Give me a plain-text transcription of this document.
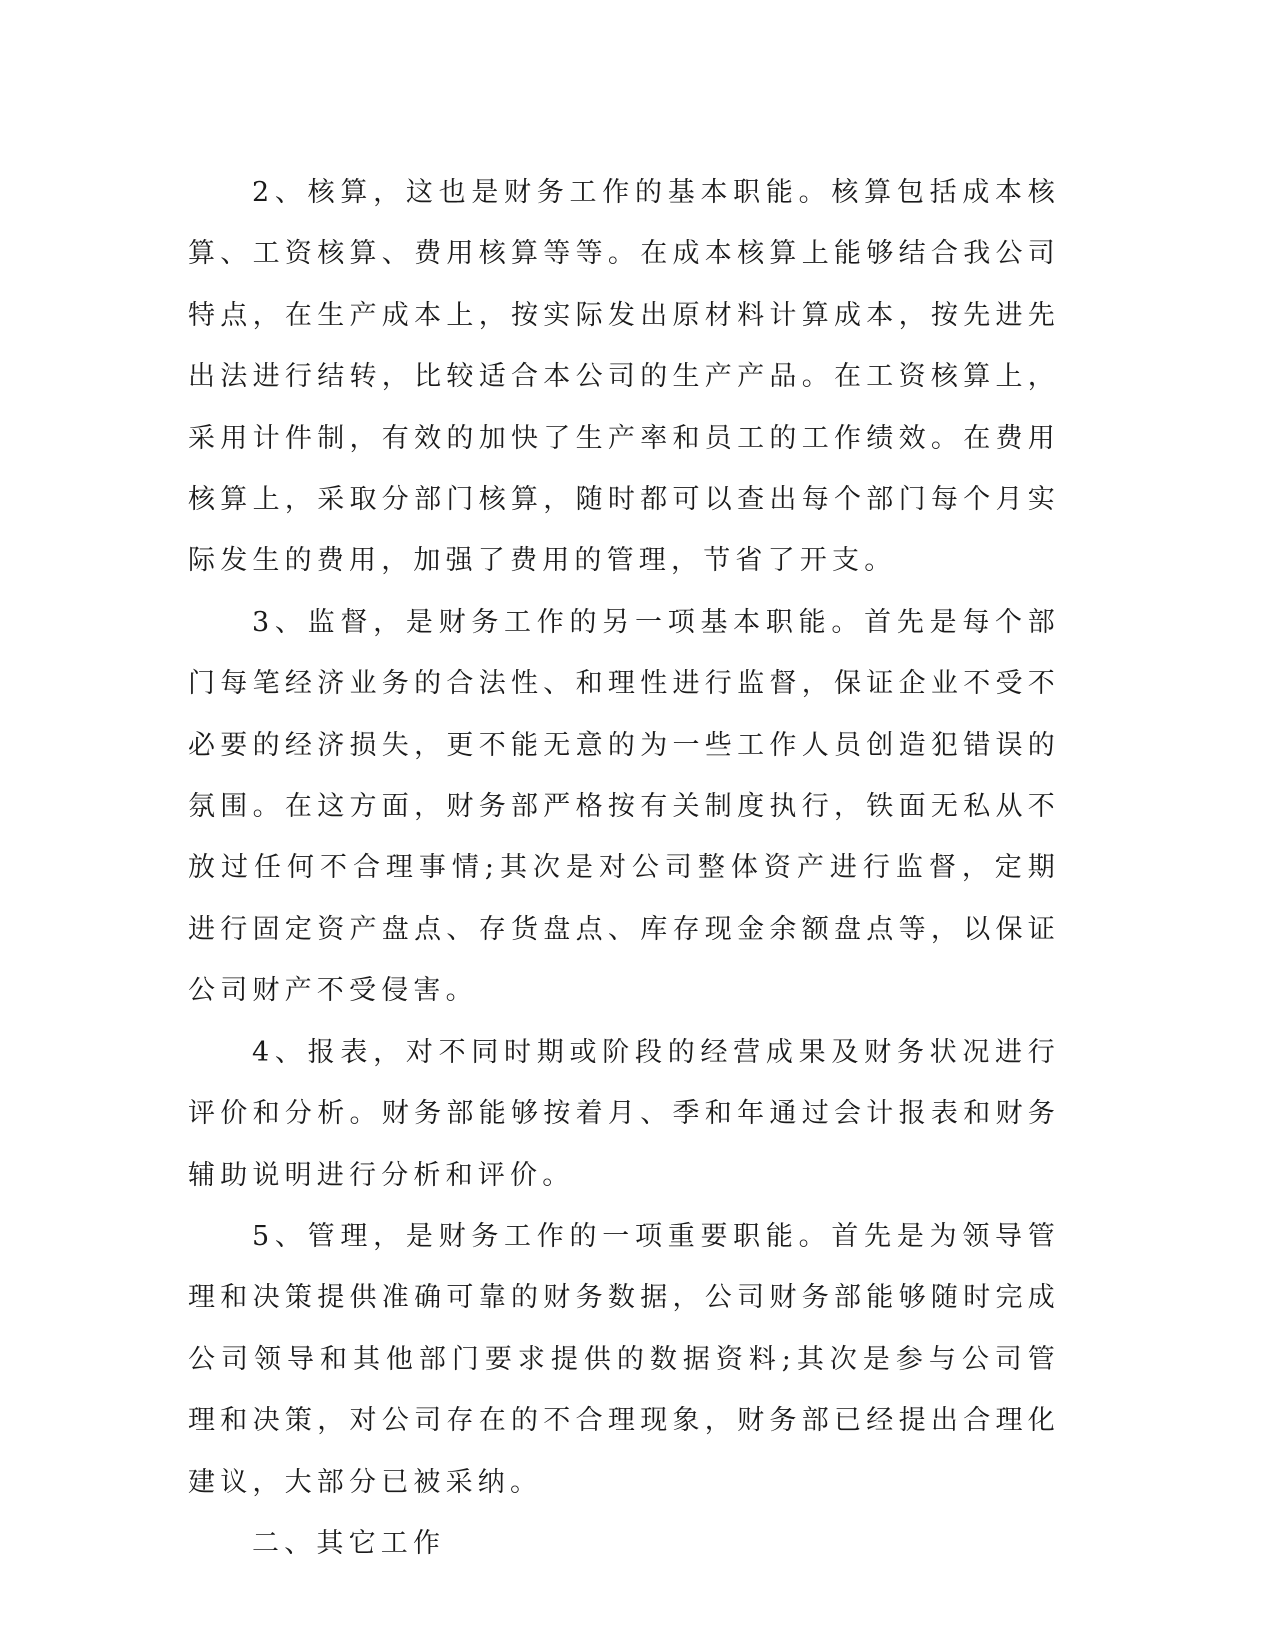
2、核算，这也是财务工作的基本职能。核算包括成本核算、工资核算、费用核算等等。在成本核算上能够结合我公司特点，在生产成本上，按实际发出原材料计算成本，按先进先出法进行结转，比较适合本公司的生产产品。在工资核算上，采用计件制，有效的加快了生产率和员工的工作绩效。在费用核算上，采取分部门核算，随时都可以查出每个部门每个月实际发生的费用，加强了费用的管理，节省了开支。

3、监督，是财务工作的另一项基本职能。首先是每个部门每笔经济业务的合法性、和理性进行监督，保证企业不受不必要的经济损失，更不能无意的为一些工作人员创造犯错误的氛围。在这方面，财务部严格按有关制度执行，铁面无私从不放过任何不合理事情;其次是对公司整体资产进行监督，定期进行固定资产盘点、存货盘点、库存现金余额盘点等，以保证公司财产不受侵害。

4、报表，对不同时期或阶段的经营成果及财务状况进行评价和分析。财务部能够按着月、季和年通过会计报表和财务辅助说明进行分析和评价。

5、管理，是财务工作的一项重要职能。首先是为领导管理和决策提供准确可靠的财务数据，公司财务部能够随时完成公司领导和其他部门要求提供的数据资料;其次是参与公司管理和决策，对公司存在的不合理现象，财务部已经提出合理化建议，大部分已被采纳。

二、其它工作
